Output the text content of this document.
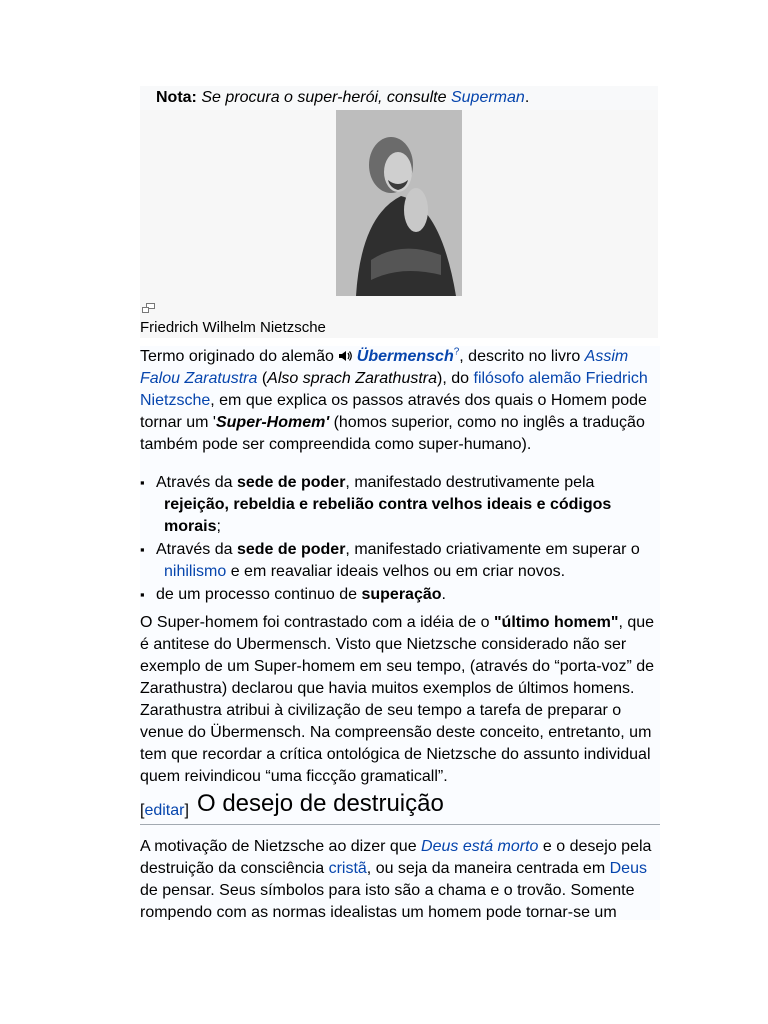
Nota: Se procura o super-herói, consulte Superman.
Friedrich Wilhelm Nietzsche

Termo originado do alemão  Übermensch?, descrito no livro Assim Falou Zaratustra (Also sprach Zarathustra), do filósofo alemão Friedrich Nietzsche, em que explica os passos através dos quais o Homem pode tornar um 'Super-Homem' (homos superior, como no inglês a tradução também pode ser compreendida como super-humano).

▪ Através da sede de poder, manifestado destrutivamente pela rejeição, rebeldia e rebelião contra velhos ideais e códigos morais;
▪ Através da sede de poder, manifestado criativamente em superar o nihilismo e em reavaliar ideais velhos ou em criar novos.
▪ de um processo continuo de superação.

O Super-homem foi contrastado com a idéia de o "último homem", que é antitese do Ubermensch. Visto que Nietzsche considerado não ser exemplo de um Super-homem em seu tempo, (através do “porta-voz” de Zarathustra) declarou que havia muitos exemplos de últimos homens. Zarathustra atribui à civilização de seu tempo a tarefa de preparar o venue do Übermensch. Na compreensão deste conceito, entretanto, um tem que recordar a crítica ontológica de Nietzsche do assunto individual quem reivindicou “uma ficcção gramaticall”.

[editar] O desejo de destruição

A motivação de Nietzsche ao dizer que Deus está morto e o desejo pela destruição da consciência cristã, ou seja da maneira centrada em Deus de pensar. Seus símbolos para isto são a chama e o trovão. Somente rompendo com as normas idealistas um homem pode tornar-se um
